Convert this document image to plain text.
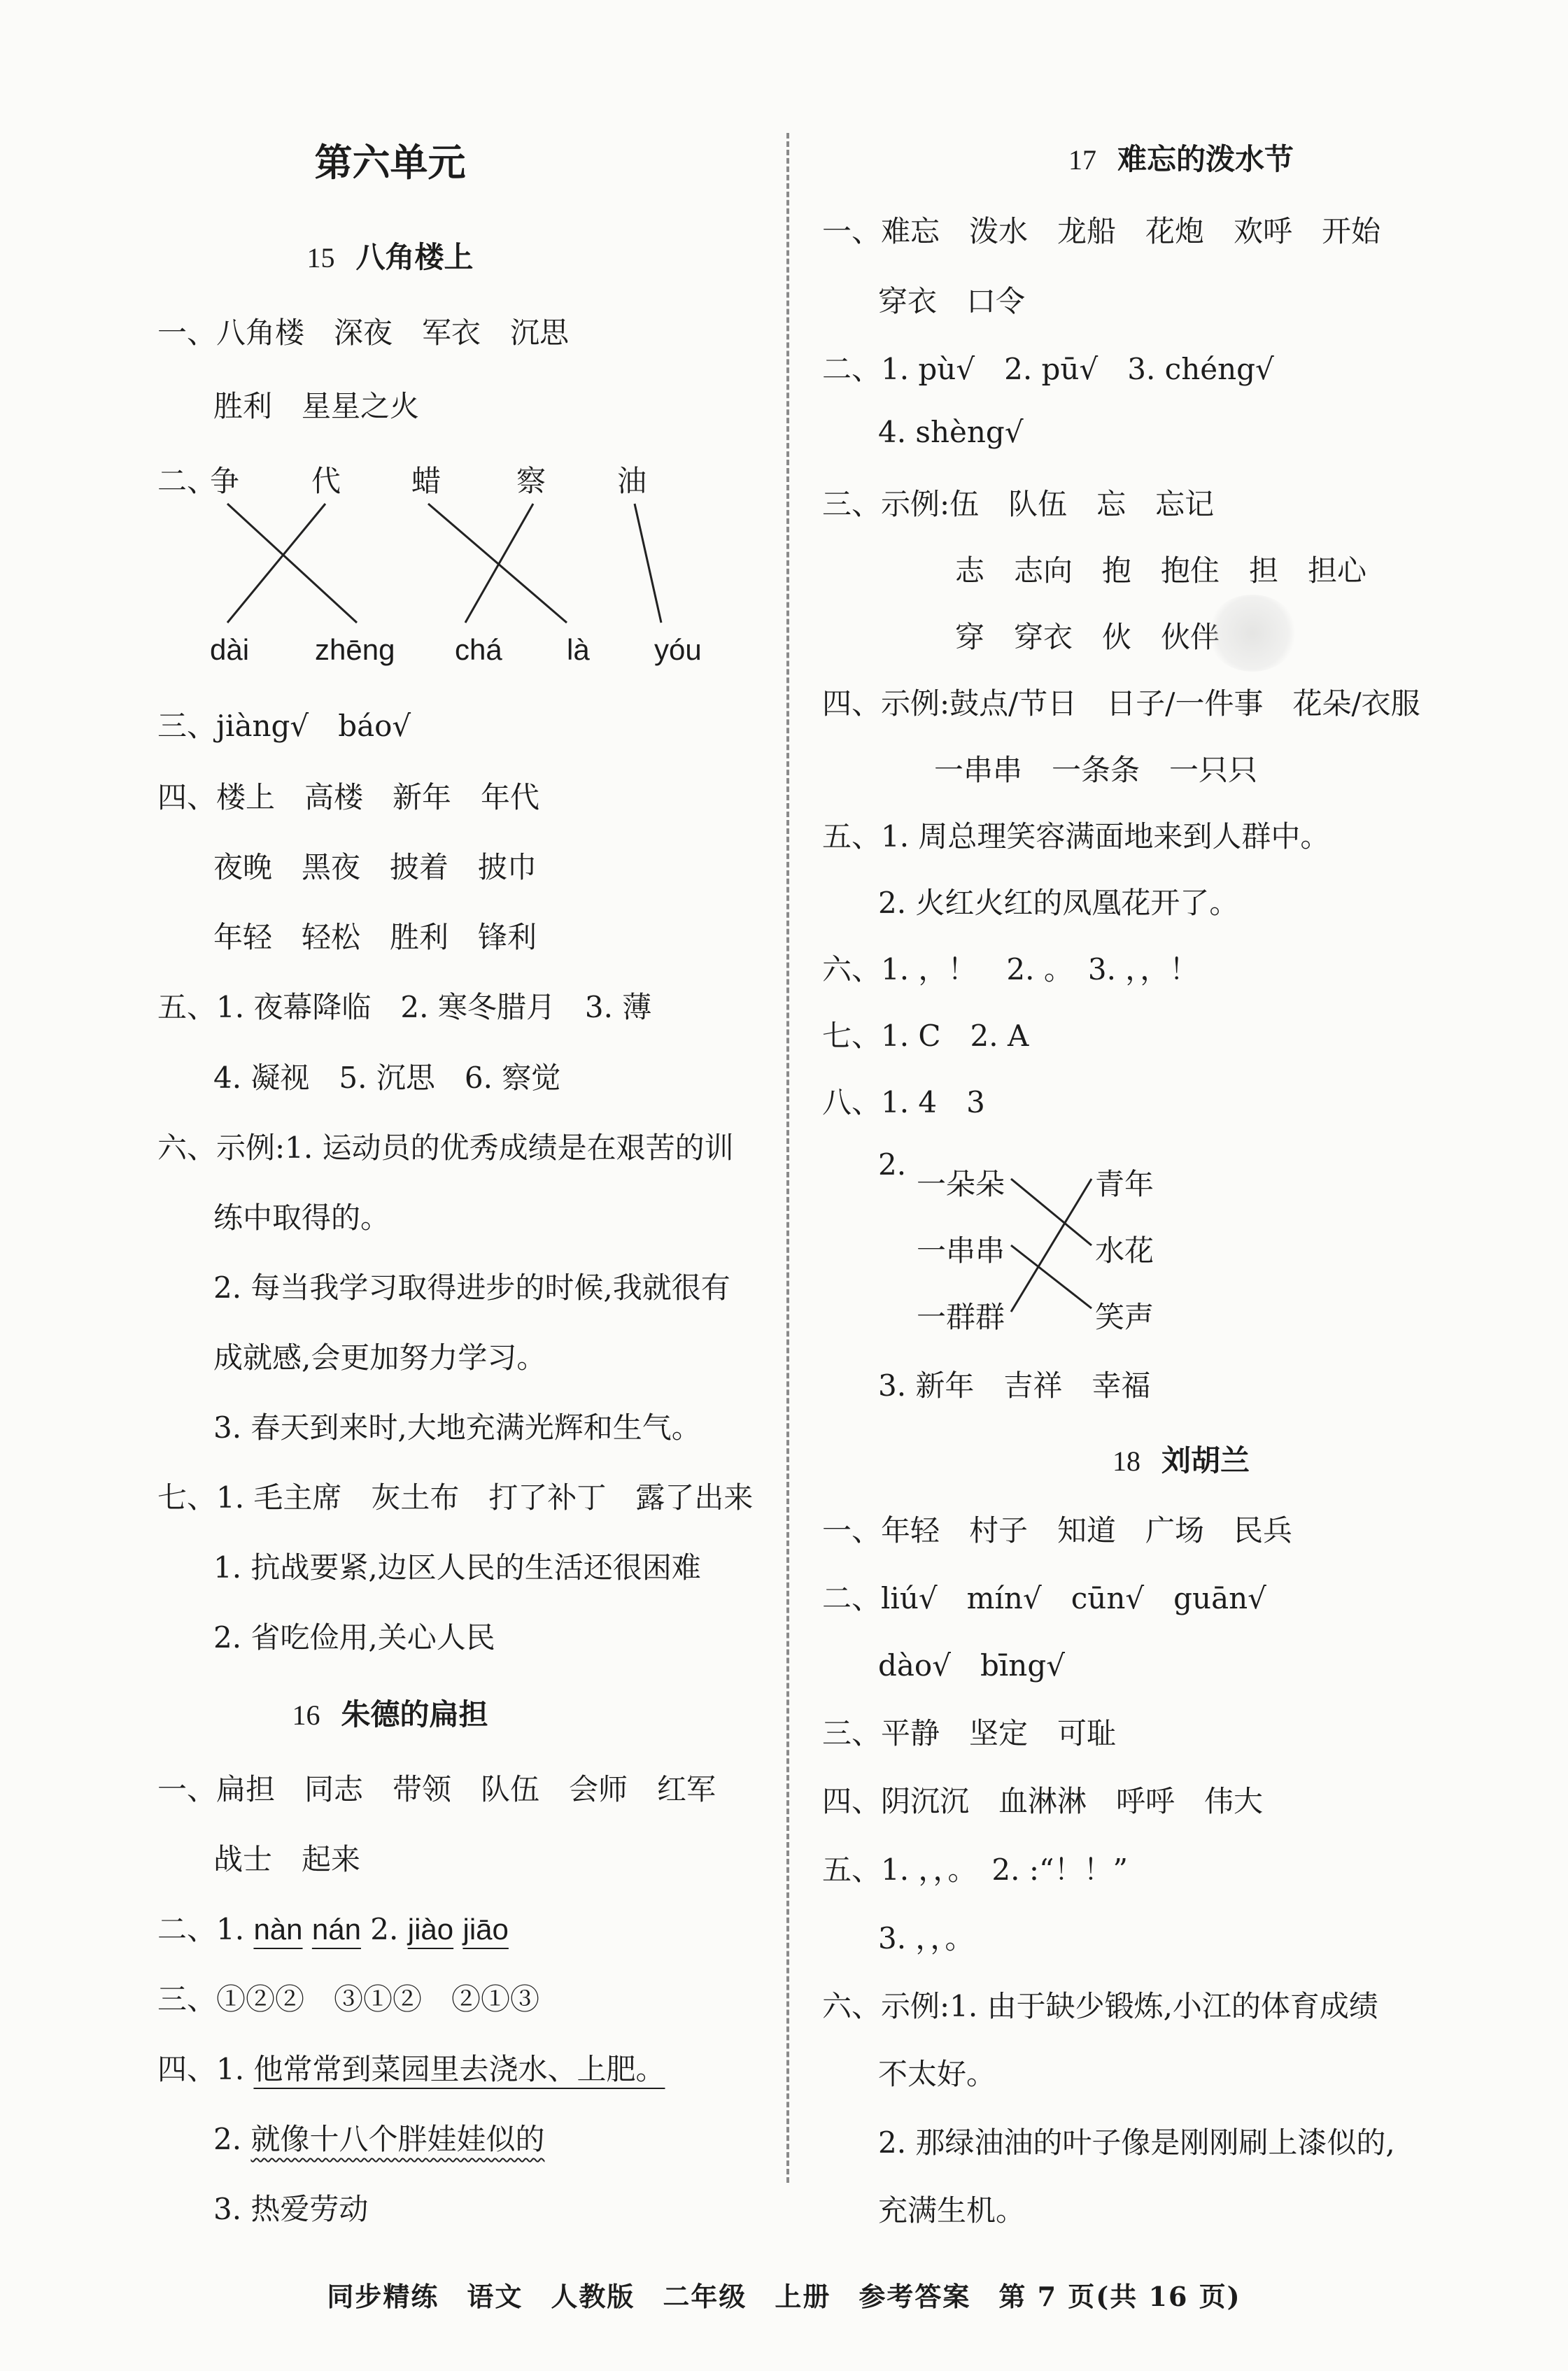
第六单元
15 八角楼上
一、八角楼　深夜　军衣　沉思
胜利　星星之火
二、
争 代 蜡	察 油
dài zhēng chá là yóu
三、jiàng√　báo√
四、楼上　高楼　新年　年代
夜晚　黑夜　披着　披巾
年轻　轻松　胜利　锋利
五、1. 夜幕降临　2. 寒冬腊月　3. 薄
4. 凝视　5. 沉思　6. 察觉
六、示例:1. 运动员的优秀成绩是在艰苦的训
练中取得的。
2. 每当我学习取得进步的时候,我就很有
成就感,会更加努力学习。
3. 春天到来时,大地充满光辉和生气。
七、1. 毛主席　灰土布　打了补丁　露了出来
1. 抗战要紧,边区人民的生活还很困难
2. 省吃俭用,关心人民
16 朱德的扁担
一、扁担　同志　带领　队伍　会师　红军
战士　起来
二、1. nàn nán 2. jiào jiāo
三、①②②　③①②　②①③
四、1. 他常常到菜园里去浇水、上肥。
2. 就像十八个胖娃娃似的
3. 热爱劳动
17 难忘的泼水节
一、难忘　泼水　龙船　花炮　欢呼　开始
穿衣　口令
二、1. pù√　2. pū√　3. chéng√
4. shèng√
三、示例:伍　队伍　忘　忘记
志　志向　抱　抱住　担　担心
穿　穿衣　伙　伙伴
四、示例:鼓点/节日　日子/一件事　花朵/衣服
一串串　一条条　一只只
五、1. 周总理笑容满面地来到人群中。
2. 火红火红的凤凰花开了。
六、1. ，！　2. 。　3. ，，！
七、1. C　2. A
八、1. 4　3
2.
一朵朵
一串串
一群群
青年
水花
笑声
3. 新年　吉祥　幸福
18 刘胡兰
一、年轻　村子　知道　广场　民兵
二、liú√　mín√　cūn√　guān√
dào√　bīng√
三、平静　坚定　可耻
四、阴沉沉　血淋淋　呼呼　伟大
五、1. ，，。　2. :“！！”
3. ，，。
六、示例:1. 由于缺少锻炼,小江的体育成绩
不太好。
2. 那绿油油的叶子像是刚刚刷上漆似的,
充满生机。
同步精练　语文　人教版　二年级　上册　参考答案　第 7 页(共 16 页)
